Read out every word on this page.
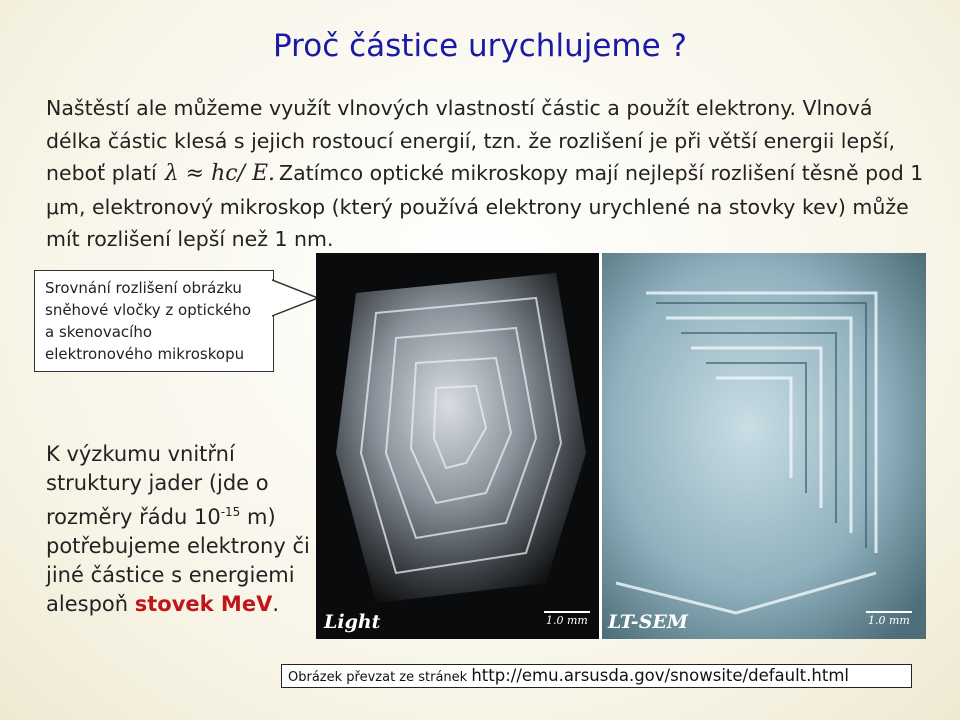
Proč částice urychlujeme ?
Naštěstí ale můžeme využít vlnových vlastností částic a použít elektrony. Vlnová délka částic klesá s jejich rostoucí energií, tzn. že rozlišení je při větší energii lepší, neboť platí λ ≈ hc/ E. Zatímco optické mikroskopy mají nejlepší rozlišení těsně pod 1 μm, elektronový mikroskop (který používá elektrony urychlené na stovky kev) může mít rozlišení lepší než 1 nm.
Srovnání rozlišení obrázku sněhové vločky z optického a skenovacího elektronového mikroskopu
K výzkumu vnitřní struktury jader (jde o rozměry řádu $10^{-15}$ m) potřebujeme elektrony či jiné částice s energiemi alespoň stovek MeV.
Light	1.0 mm LT-SEM	1.0 mm
Obrázek převzat ze stránek http://emu.arsusda.gov/snowsite/default.html
